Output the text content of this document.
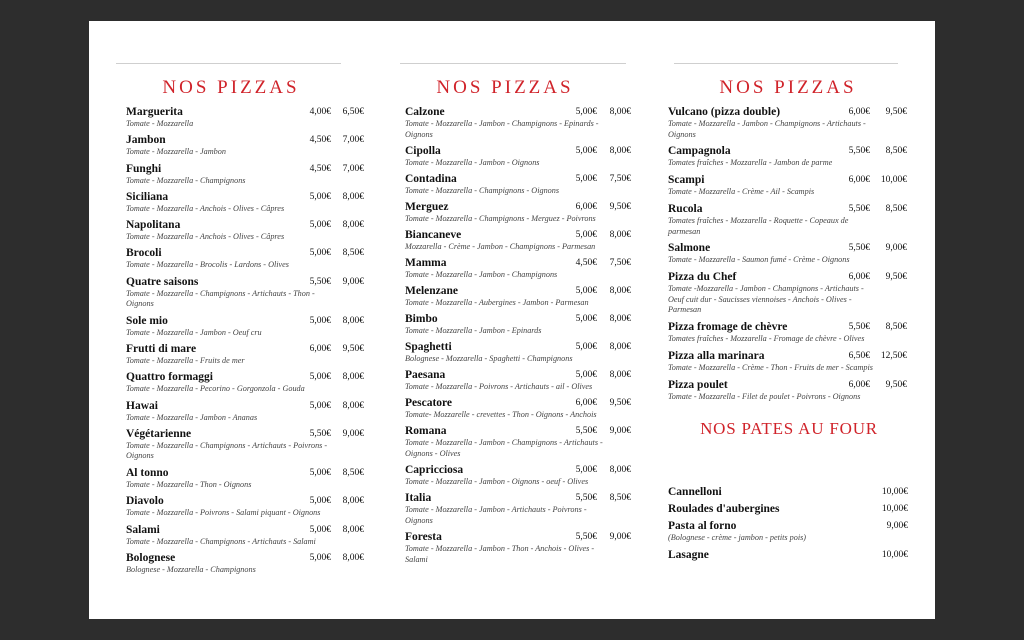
NOS PIZZAS
Marguerita
Tomate - Mozzarella
4,00€	6,50€
Jambon
Tomate - Mozzarella - Jambon
4,50€	7,00€
Funghi
Tomate - Mozzarella - Champignons
4,50€	7,00€
Siciliana
Tomate - Mozzarella - Anchois - Olives - Câpres
5,00€	8,00€
Napolitana
Tomate - Mozzarella - Anchois - Olives - Câpres
5,00€	8,00€
Brocoli
Tomate - Mozzarella - Brocolis - Lardons - Olives
5,00€	8,50€
Quatre saisons
Tomate - Mozzarella - Champignons - Artichauts - Thon - Oignons
5,50€	9,00€
Sole mio
Tomate - Mozzarella - Jambon - Oeuf cru
5,00€	8,00€
Frutti di mare
Tomate - Mozzarella - Fruits de mer
6,00€	9,50€
Quattro formaggi
Tomate - Mozzarella - Pecorino - Gorgonzola - Gouda
5,00€	8,00€
Hawai
Tomate - Mozzarella - Jambon - Ananas
5,00€	8,00€
Végétarienne
Tomate - Mozzarella - Champignons - Artichauts - Poivrons - Oignons
5,50€	9,00€
Al tonno
Tomate - Mozzarella - Thon - Oignons
5,00€	8,50€
Diavolo
Tomate - Mozzarella - Poivrons - Salami piquant - Oignons
5,00€	8,00€
Salami
Tomate - Mozzarella - Champignons - Artichauts - Salami
5,00€	8,00€
Bolognese
Bolognese - Mozzarella - Champignons
5,00€	8,00€
NOS PIZZAS
Calzone
Tomate - Mozzarella - Jambon - Champignons - Epinards - Oignons
5,00€	8,00€
Cipolla
Tomate - Mozzarella - Jambon - Oignons
5,00€	8,00€
Contadina
Tomate - Mozzarella - Champignons - Oignons
5,00€	7,50€
Merguez
Tomate - Mozzarella - Champignons - Merguez - Poivrons
6,00€	9,50€
Biancaneve
Mozzarella - Crème - Jambon - Champignons - Parmesan
5,00€	8,00€
Mamma
Tomate - Mozzarella - Jambon - Champignons
4,50€	7,50€
Melenzane
Tomate - Mozzarella - Aubergines - Jambon - Parmesan
5,00€	8,00€
Bimbo
Tomate - Mozzarella - Jambon - Epinards
5,00€	8,00€
Spaghetti
Bolognese - Mozzarella - Spaghetti - Champignons
5,00€	8,00€
Paesana
Tomate - Mozzarella - Poivrons - Artichauts - ail - Olives
5,00€	8,00€
Pescatore
Tomate- Mozzarelle - crevettes - Thon - Oignons - Anchois
6,00€	9,50€
Romana
Tomate - Mozzarella - Jambon - Champignons - Artichauts - Oignons - Olives
5,50€	9,00€
Capricciosa
Tomate - Mozzarella - Jambon - Oignons - oeuf - Olives
5,00€	8,00€
Italia
Tomate - Mozzarella - Jambon - Artichauts - Poivrons - Oignons
5,50€	8,50€
Foresta
Tomate - Mozzarella - Jambon - Thon - Anchois - Olives - Salami
5,50€	9,00€
NOS PIZZAS
Vulcano (pizza double)
Tomate - Mozzarella - Jambon - Champignons - Artichauts - Oignons
6,00€	9,50€
Campagnola
Tomates fraîches - Mozzarella - Jambon de parme
5,50€	8,50€
Scampi
Tomate - Mozzarella - Crème - Ail - Scampis
6,00€	10,00€
Rucola
Tomates fraîches - Mozzarella - Roquette - Copeaux de parmesan
5,50€	8,50€
Salmone
Tomate - Mozzarella - Saumon fumé - Crème - Oignons
5,50€	9,00€
Pizza du Chef
Tomate -Mozzarella - Jambon - Champignons - Artichauts - Oeuf cuit dur - Saucisses viennoises - Anchois - Olives - Parmesan
6,00€	9,50€
Pizza fromage de chèvre
Tomates fraîches - Mozzarella - Fromage de chèvre - Olives
5,50€	8,50€
Pizza alla marinara
Tomate - Mozzarella - Crème - Thon - Fruits de mer - Scampis
6,50€	12,50€
Pizza poulet
Tomate - Mozzarella - Filet de poulet - Poivrons - Oignons
6,00€	9,50€
NOS PATES AU FOUR
Cannelloni	10,00€
Roulades d'aubergines	10,00€
Pasta al forno
(Bolognese - crème - jambon - petits pois)
9,00€
Lasagne	10,00€
